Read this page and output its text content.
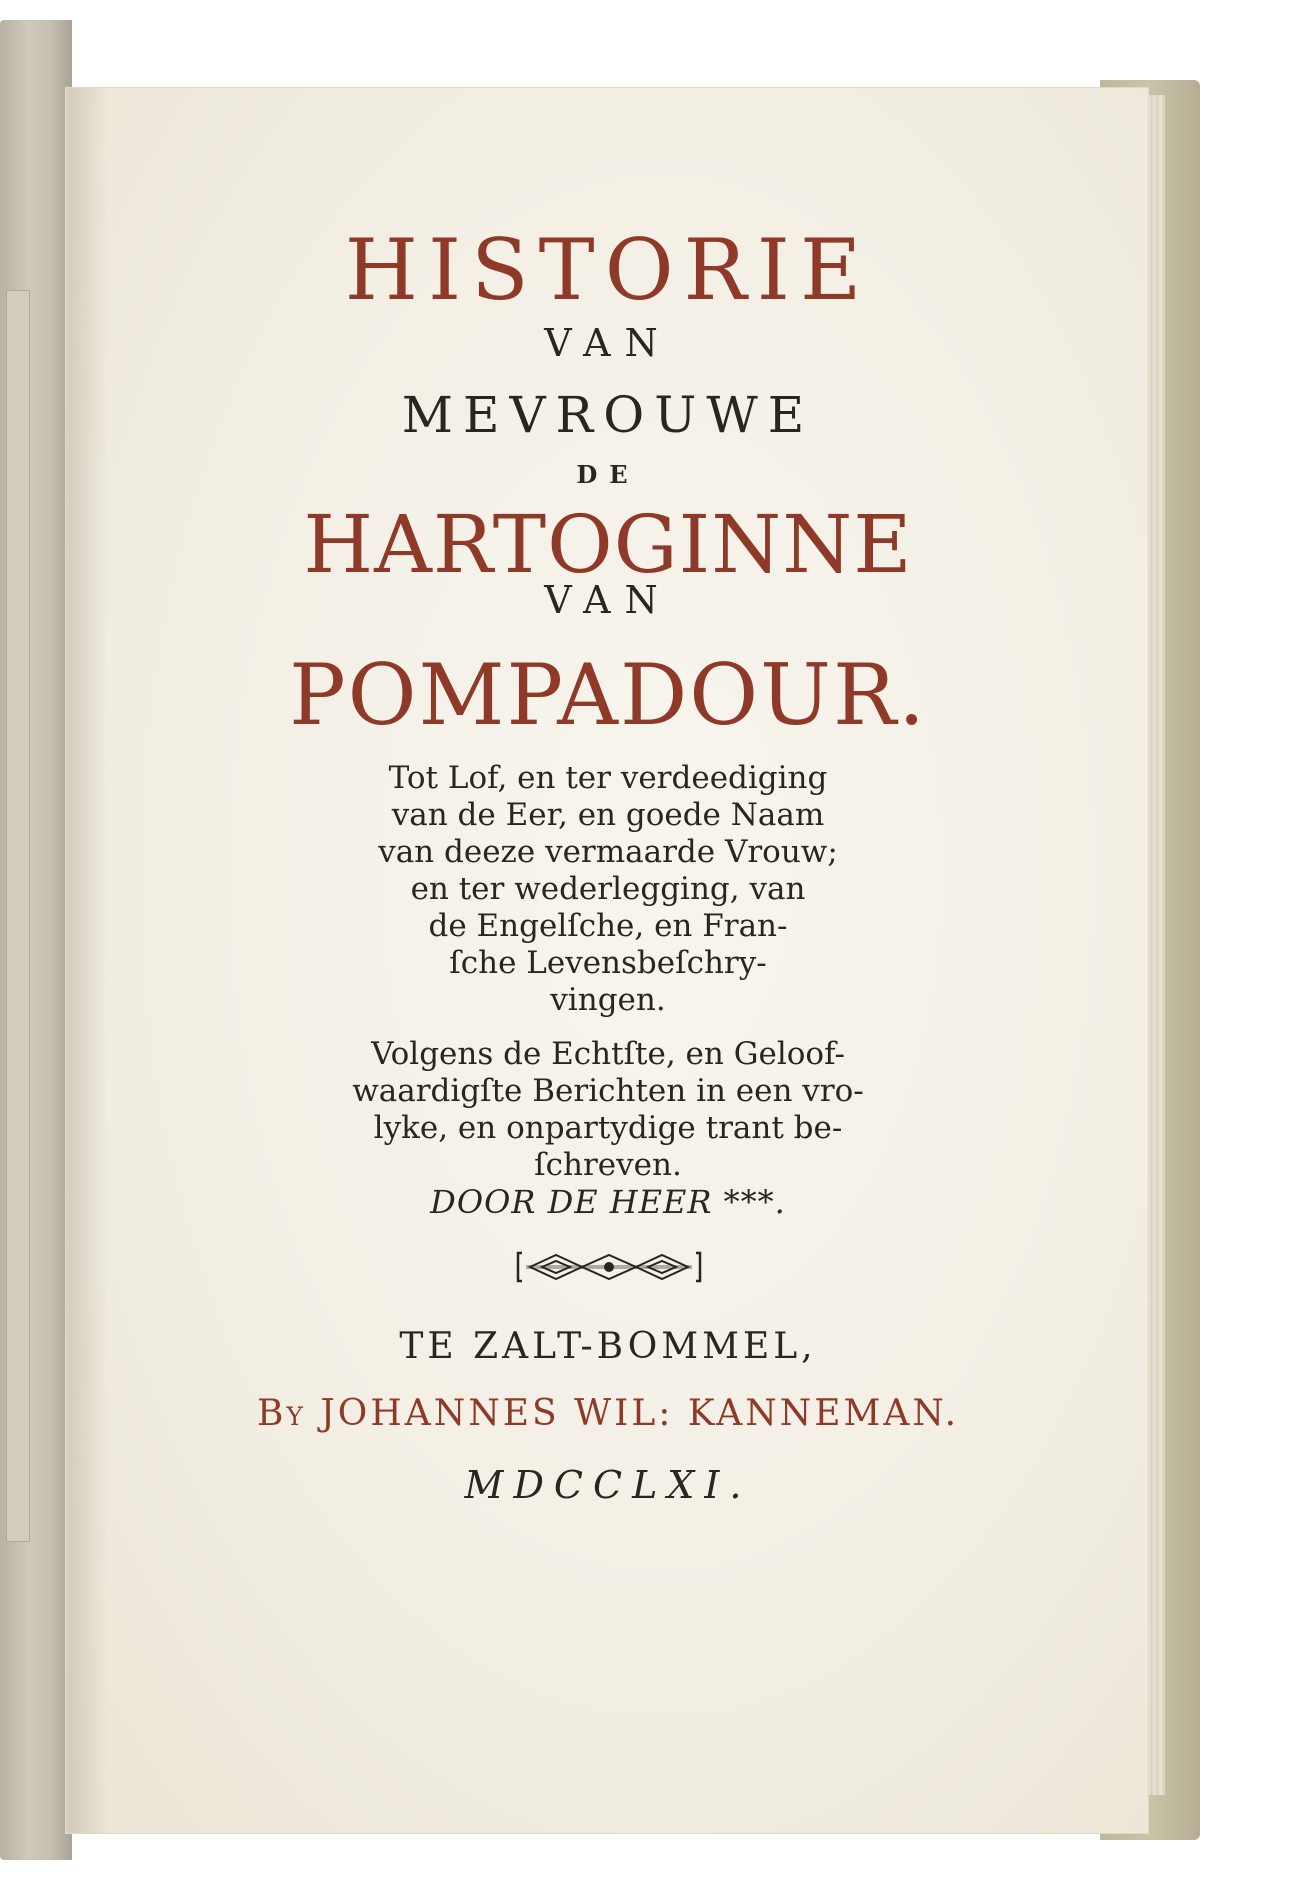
HISTORIE
VAN
MEVROUWE
DE
HARTOGINNE
VAN
POMPADOUR.
Tot Lof, en ter verdeediging
van de Eer, en goede Naam
van deeze vermaarde Vrouw;
en ter wederlegging, van
de Engelſche, en Fran-
ſche Levensbeſchry-
vingen.
Volgens de Echtſte, en Geloof-
waardigſte Berichten in een vro-
lyke, en onpartydige trant be-
ſchreven.
DOOR DE HEER ***.
TE ZALT-BOMMEL,
By JOHANNES WIL: KANNEMAN.
MDCCLXI.
